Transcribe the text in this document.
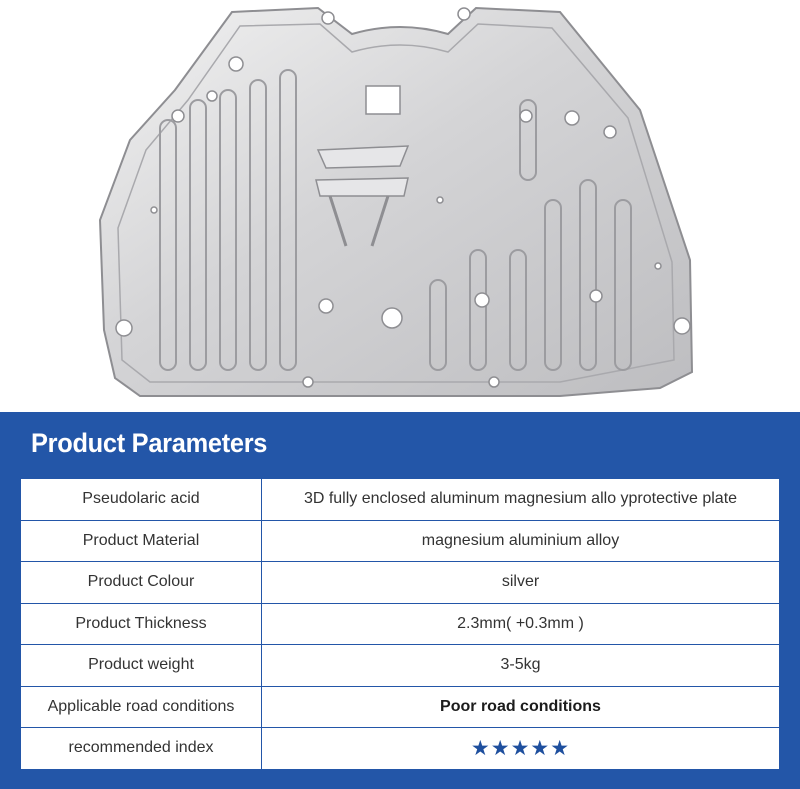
Product Parameters
Pseudolaric acid	3D fully enclosed aluminum magnesium allo yprotective plate
Product Material	magnesium aluminium alloy
Product Colour	silver
Product Thickness	2.3mm( +0.3mm )
Product weight	3-5kg
Applicable road conditions	Poor road conditions
recommended index	★★★★★
